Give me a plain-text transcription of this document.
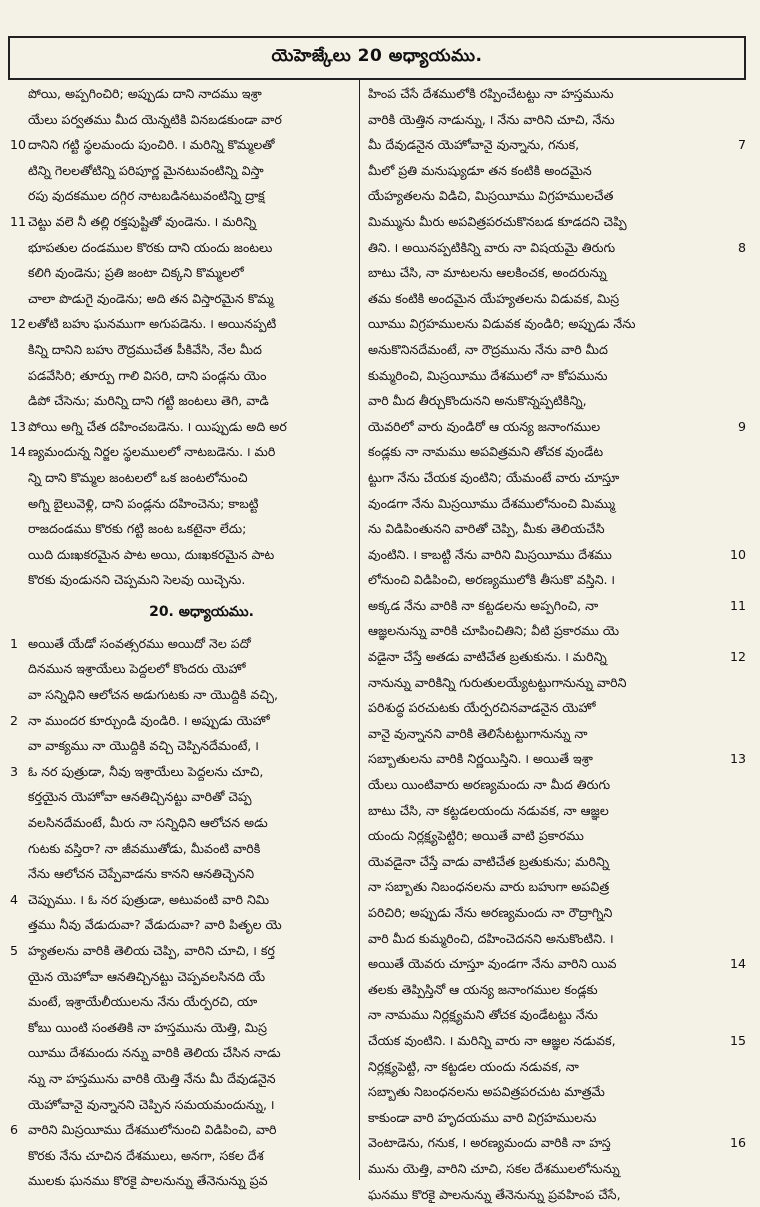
యెహెజ్కేలు 20 అధ్యాయము.
పోయి, అప్పగించిరి; అప్పుడు దాని నాదము ఇశ్రా
యేలు పర్వతము మీద యెన్నటికి వినబడకుండా వార
10 దానిని గట్టి స్థలమందు పుంచిరి. ౹ మరిన్ని కొమ్మలతో
టిన్ని గెలలతోటిన్ని పరిపూర్ణ మైనటువంటిన్ని విస్తా
రపు వుదకముల దగ్గిర నాటబడినటువంటిన్ని ద్రాక్ష
11 చెట్టు వలె నీ తల్లి రక్తపుష్టితో వుండెను. ౹ మరిన్ని
భూపతుల దండముల కొరకు దాని యందు జంటలు
కలిగి వుండెను; ప్రతి జంటా చిక్కని కొమ్మలలో
చాలా పొడుగై వుండెను; అది తన విస్తారమైన కొమ్మ
12 లతోటి బహు ఘనముగా అగుపడెను. ౹ అయినప్పటి
కిన్ని దానిని బహు రౌద్రముచేత పీకివేసి, నేల మీద
పడవేసిరి; తూర్పు గాలి విసరి, దాని పండ్లను యెం
డిపో చేసెను; మరిన్ని దాని గట్టి జంటలు తెగి, వాడి
13 పోయి అగ్ని చేత దహించబడెను. ౹ యిప్పుడు అది అర
14 ణ్యమందున్న నిర్జల స్థలములలో నాటబడెను. ౹ మరి
న్ని దాని కొమ్మల జంటలలో ఒక జంటలోనుంచి
అగ్ని బైలువెళ్లి, దాని పండ్లను దహించెను; కాబట్టి
రాజదండము కొరకు గట్టి జంట ఒకటైనా లేదు;
యిది దుఃఖకరమైన పాట అయి, దుఃఖకరమైన పాట
కొరకు వుండునని చెప్పమని సెలవు యిచ్చెను.
20. అధ్యాయము.
1 అయితే యేడో సంవత్సరము అయిదో నెల పదో
దినమున ఇశ్రాయేలు పెద్దలలో కొందరు యెహో
వా సన్నిధిని ఆలోచన అడుగుటకు నా యొద్దికి వచ్చి,
2 నా ముందర కూర్చుండి వుండిరి. ౹ అప్పుడు యెహో
వా వాక్యము నా యొద్దికి వచ్చి చెప్పినదేమంటే, ౹
3 ఓ నర పుత్రుడా, నీవు ఇశ్రాయేలు పెద్దలను చూచి,
కర్తయైన యెహోవా ఆనతిచ్చినట్టు వారితో చెప్ప
వలసినదేమంటే, మీరు నా సన్నిధిని ఆలోచన అడు
గుటకు వస్తిరా? నా జీవముతోడు, మీవంటి వారికి
నేను ఆలోచన చెప్పేవాడను కానని ఆనతిచ్చెనని
4 చెప్పుము. ౹ ఓ నర పుత్రుడా, అటువంటి వారి నిమి
త్తము నీవు వేడుదువా? వేడుదువా? వారి పితృల యె
5 హ్యతలను వారికి తెలియ చెప్పి, వారిని చూచి, ౹ కర్త
యైన యెహోవా ఆనతిచ్చినట్టు చెప్పవలసినది యే
మంటే, ఇశ్రాయేలీయులను నేను యేర్పరచి, యా
కోబు యింటి సంతతికి నా హస్తమును యెత్తి, మిస్ర
యీము దేశమందు నన్ను వారికి తెలియ చేసిన నాడు
న్ను నా హస్తమును వారికి యెత్తి నేను మీ దేవుడనైన
యెహోవానై వున్నానని చెప్పిన సమయమందున్ను, ౹
6 వారిని మిస్రయీము దేశములోనుంచి విడిపించి, వారి
కొరకు నేను చూచిన దేశములు, అనగా, సకల దేశ
ములకు ఘనము కొరకై పాలనున్ను తేనెనున్ను ప్రవ
హింప చేసే దేశములోకి రప్పించేటట్టు నా హస్తమును
వారికి యెత్తిన నాడున్ను, ౹ నేను వారిని చూచి, నేను
7
మీ దేవుడనైన యెహోవానై వున్నాను, గనుక,
మీలో ప్రతి మనుష్యుడూ తన కంటికి అందమైన
యేహ్యతలను విడిచి, మిస్రయీము విగ్రహములచేత
మిమ్మును మీరు అపవిత్రపరచుకొనబడ కూడదని చెప్పి
8
తిని. ౹ అయినప్పటికిన్ని వారు నా విషయమై తిరుగు
బాటు చేసి, నా మాటలను ఆలకించక, అందరున్ను
తమ కంటికి అందమైన యేహ్యతలను విడువక, మిస్ర
యీము విగ్రహములను విడువక వుండిరి; అప్పుడు నేను
అనుకొనినదేమంటే, నా రౌద్రమును నేను వారి మీద
కుమ్మరించి, మిస్రయీము దేశములో నా కోపమును
వారి మీద తీర్చుకొందునని అనుకొన్నప్పటికిన్ని,
9
యెవరిలో వారు వుండిరో ఆ యన్య జనాంగముల
కండ్లకు నా నామము అపవిత్రమని తోచక వుండేట
ట్టుగా నేను చేయక వుంటిని; యేమంటే వారు చూస్తూ
వుండగా నేను మిస్రయీము దేశములోనుంచి మిమ్ము
ను విడిపింతునని వారితో చెప్పి, మీకు తెలియచేసి
10
వుంటిని. ౹ కాబట్టి నేను వారిని మిస్రయీము దేశము
లోనుంచి విడిపించి, అరణ్యములోకి తీసుకొ వస్తిని. ౹
11
అక్కడ నేను వారికి నా కట్టడలను అప్పగించి, నా
ఆజ్ఞలనున్ను వారికి చూపించితిని; వీటి ప్రకారము యె
12
వడైనా చేస్తే అతడు వాటిచేత బ్రతుకును. ౹ మరిన్ని
నానున్ను వారికిన్ని గురుతులయ్యేటట్టుగానున్ను వారిని
పరిశుద్ధ పరచుటకు యేర్పరచినవాడనైన యెహో
వానై వున్నానని వారికి తెలిసేటట్టుగానున్ను నా
13
సబ్బాతులను వారికి నిర్ణయిస్తిని. ౹ అయితే ఇశ్రా
యేలు యింటివారు అరణ్యమందు నా మీద తిరుగు
బాటు చేసి, నా కట్టడలయందు నడువక, నా ఆజ్ఞల
యందు నిర్లక్ష్యపెట్టిరి; అయితే వాటి ప్రకారము
యెవడైనా చేస్తే వాడు వాటిచేత బ్రతుకును; మరిన్ని
నా సబ్బాతు నిబంధనలను వారు బహుగా అపవిత్ర
పరిచిరి; అప్పుడు నేను అరణ్యమందు నా రౌద్రాగ్నిని
వారి మీద కుమ్మరించి, దహించెదనని అనుకొంటిని. ౹
14
అయితే యెవరు చూస్తూ వుండగా నేను వారిని యివ
తలకు తెప్పిస్తినో ఆ యన్య జనాంగముల కండ్లకు
నా నామము నిర్లక్ష్యమని తోచక వుండేటట్టు నేను
15
చేయక వుంటిని. ౹ మరిన్ని వారు నా ఆజ్ఞల నడువక,
నిర్లక్ష్యపెట్టి, నా కట్టడల యందు నడువక, నా
సబ్బాతు నిబంధనలను అపవిత్రపరచుట మాత్రమే
కాకుండా వారి హృదయము వారి విగ్రహములను
16
వెంటాడెను, గనుక, ౹ అరణ్యమందు వారికి నా హస్త
మును యెత్తి, వారిని చూచి, సకల దేశములలోనున్ను
ఘనము కొరకై పాలనున్ను తేనెనున్ను ప్రవహింప చేసే,
